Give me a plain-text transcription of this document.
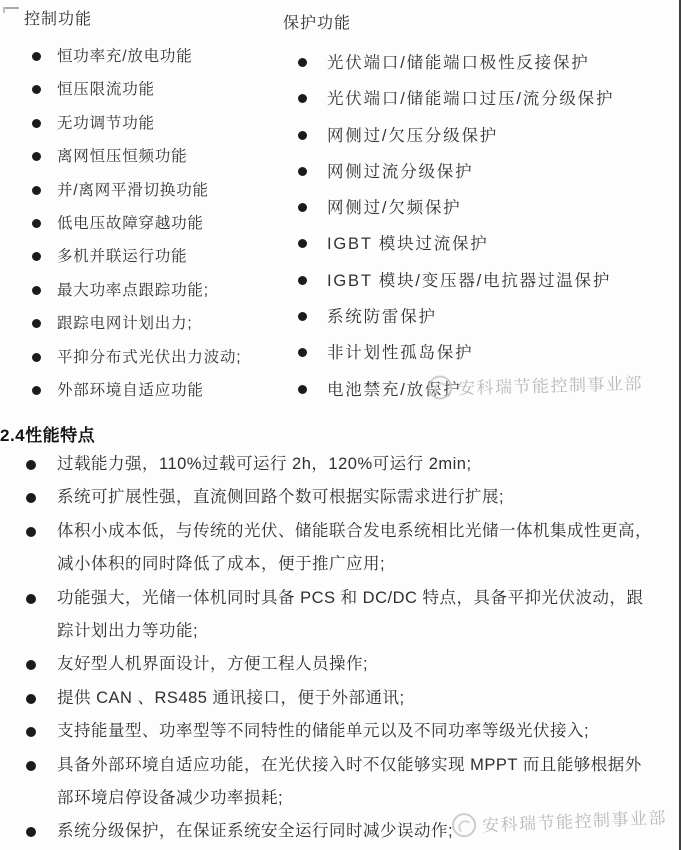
控制功能
恒功率充/放电功能
恒压限流功能
无功调节功能
离网恒压恒频功能
并/离网平滑切换功能
低电压故障穿越功能
多机并联运行功能
最大功率点跟踪功能;
跟踪电网计划出力;
平抑分布式光伏出力波动;
外部环境自适应功能
保护功能
光伏端口/储能端口极性反接保护
光伏端口/储能端口过压/流分级保护
网侧过/欠压分级保护
网侧过流分级保护
网侧过/欠频保护
IGBT 模块过流保护
IGBT 模块/变压器/电抗器过温保护
系统防雷保护
非计划性孤岛保护
电池禁充/放保护
安科瑞节能控制事业部
2.4性能特点
过载能力强，110%过载可运行 2h，120%可运行 2min;
系统可扩展性强，直流侧回路个数可根据实际需求进行扩展;
体积小成本低，与传统的光伏、储能联合发电系统相比光储一体机集成性更高，减小体积的同时降低了成本，便于推广应用;
功能强大，光储一体机同时具备 PCS 和 DC/DC 特点，具备平抑光伏波动，跟踪计划出力等功能;
友好型人机界面设计，方便工程人员操作;
提供 CAN 、RS485 通讯接口，便于外部通讯;
支持能量型、功率型等不同特性的储能单元以及不同功率等级光伏接入;
具备外部环境自适应功能，在光伏接入时不仅能够实现 MPPT 而且能够根据外部环境启停设备减少功率损耗;
系统分级保护，在保证系统安全运行同时减少误动作;	安科瑞节能控制事业部
